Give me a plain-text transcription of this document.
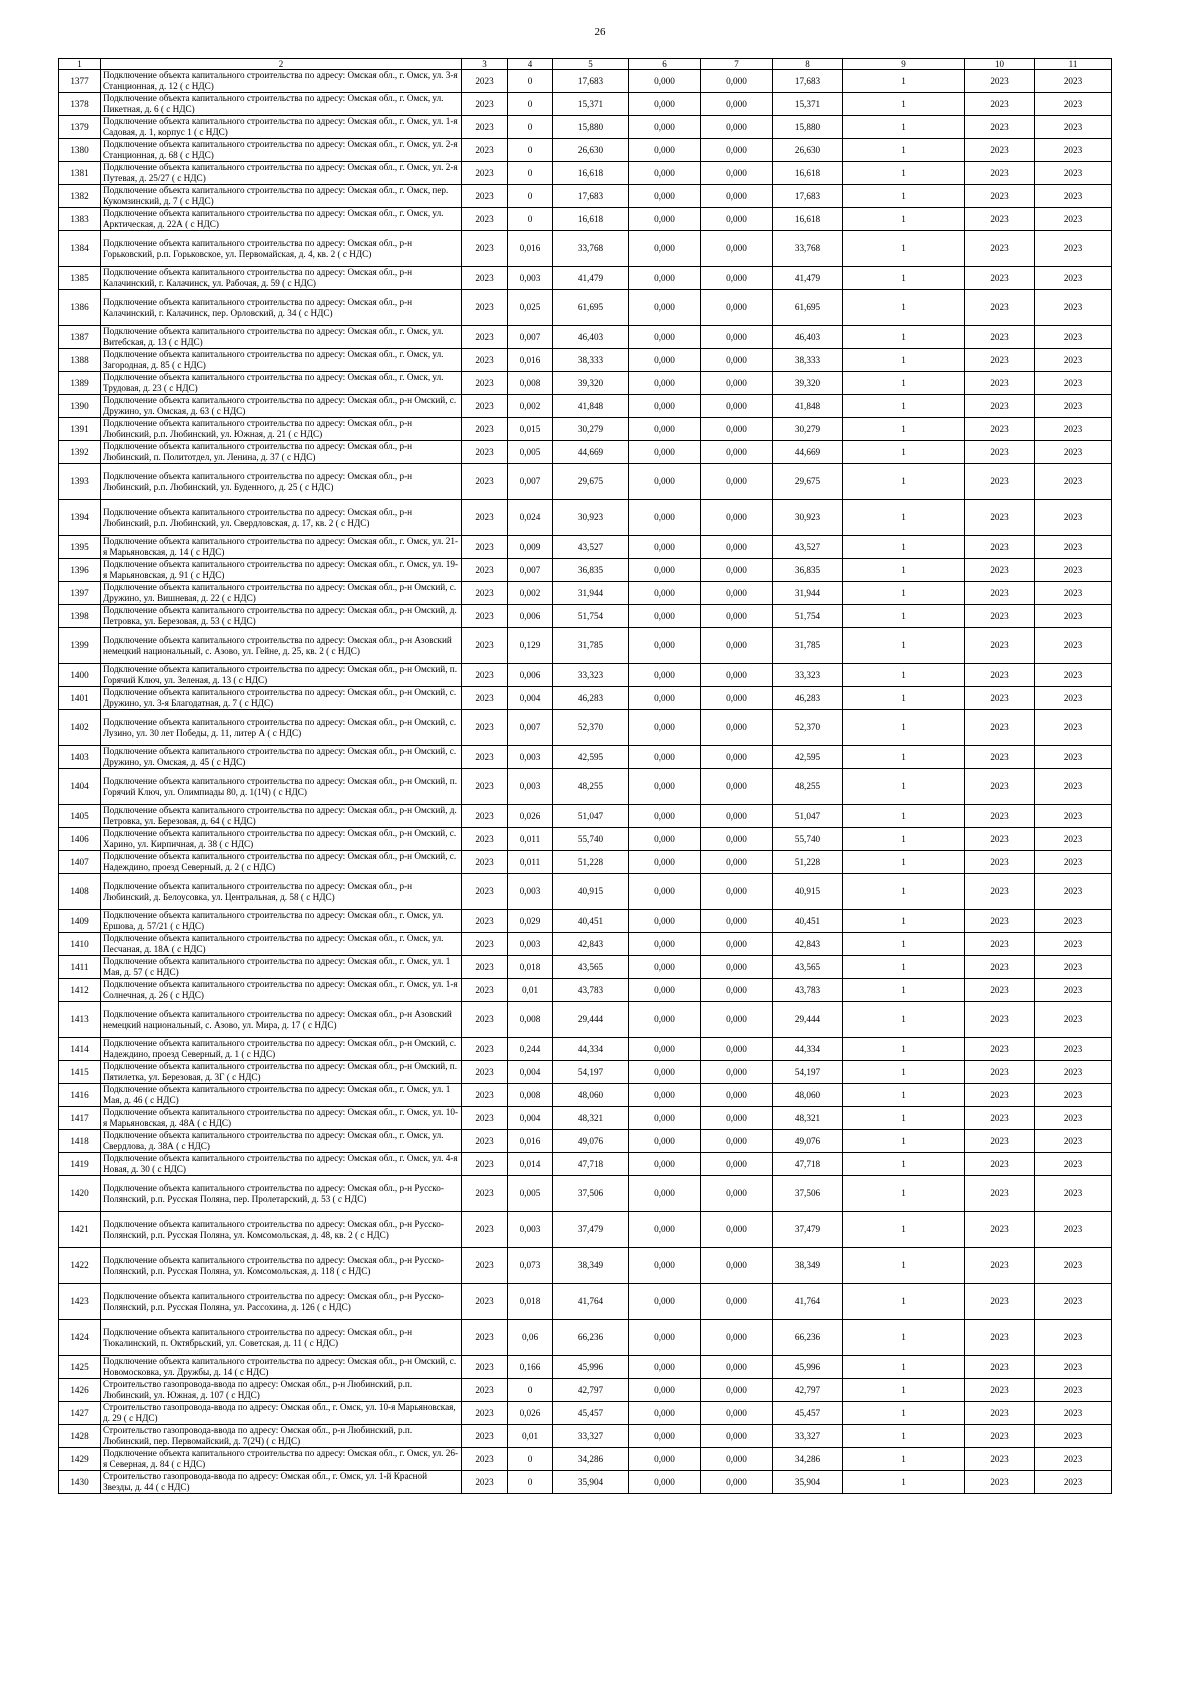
26
1	2	3	4	5	6	7	8	9	10	11
1377	Подключение объекта капитального строительства по адресу: Омская обл., г. Омск, ул. 3-я Станционная, д. 12 ( с НДС)	2023	0	17,683	0,000	0,000	17,683	1	2023	2023
1378	Подключение объекта капитального строительства по адресу: Омская обл., г. Омск, ул. Пикетная, д. 6 ( с НДС)	2023	0	15,371	0,000	0,000	15,371	1	2023	2023
1379	Подключение объекта капитального строительства по адресу: Омская обл., г. Омск, ул. 1-я Садовая, д. 1, корпус 1 ( с НДС)	2023	0	15,880	0,000	0,000	15,880	1	2023	2023
1380	Подключение объекта капитального строительства по адресу: Омская обл., г. Омск, ул. 2-я Станционная, д. 68 ( с НДС)	2023	0	26,630	0,000	0,000	26,630	1	2023	2023
1381	Подключение объекта капитального строительства по адресу: Омская обл., г. Омск, ул. 2-я Путевая, д. 25/27 ( с НДС)	2023	0	16,618	0,000	0,000	16,618	1	2023	2023
1382	Подключение объекта капитального строительства по адресу: Омская обл., г. Омск, пер. Кукомзинский, д. 7 ( с НДС)	2023	0	17,683	0,000	0,000	17,683	1	2023	2023
1383	Подключение объекта капитального строительства по адресу: Омская обл., г. Омск, ул. Арктическая, д. 22А ( с НДС)	2023	0	16,618	0,000	0,000	16,618	1	2023	2023
1384	Подключение объекта капитального строительства по адресу: Омская обл., р-н Горьковский, р.п. Горьковское, ул. Первомайская, д. 4, кв. 2 ( с НДС)	2023	0,016	33,768	0,000	0,000	33,768	1	2023	2023
1385	Подключение объекта капитального строительства по адресу: Омская обл., р-н Калачинский, г. Калачинск, ул. Рабочая, д. 59 ( с НДС)	2023	0,003	41,479	0,000	0,000	41,479	1	2023	2023
1386	Подключение объекта капитального строительства по адресу: Омская обл., р-н Калачинский, г. Калачинск, пер. Орловский, д. 34 ( с НДС)	2023	0,025	61,695	0,000	0,000	61,695	1	2023	2023
1387	Подключение объекта капитального строительства по адресу: Омская обл., г. Омск, ул. Витебская, д. 13 ( с НДС)	2023	0,007	46,403	0,000	0,000	46,403	1	2023	2023
1388	Подключение объекта капитального строительства по адресу: Омская обл., г. Омск, ул. Загородная, д. 85 ( с НДС)	2023	0,016	38,333	0,000	0,000	38,333	1	2023	2023
1389	Подключение объекта капитального строительства по адресу: Омская обл., г. Омск, ул. Трудовая, д. 23 ( с НДС)	2023	0,008	39,320	0,000	0,000	39,320	1	2023	2023
1390	Подключение объекта капитального строительства по адресу: Омская обл., р-н Омский, с. Дружино, ул. Омская, д. 63 ( с НДС)	2023	0,002	41,848	0,000	0,000	41,848	1	2023	2023
1391	Подключение объекта капитального строительства по адресу: Омская обл., р-н Любинский, р.п. Любинский, ул. Южная, д. 21 ( с НДС)	2023	0,015	30,279	0,000	0,000	30,279	1	2023	2023
1392	Подключение объекта капитального строительства по адресу: Омская обл., р-н Любинский, п. Политотдел, ул. Ленина, д. 37 ( с НДС)	2023	0,005	44,669	0,000	0,000	44,669	1	2023	2023
1393	Подключение объекта капитального строительства по адресу: Омская обл., р-н Любинский, р.п. Любинский, ул. Буденного, д. 25 ( с НДС)	2023	0,007	29,675	0,000	0,000	29,675	1	2023	2023
1394	Подключение объекта капитального строительства по адресу: Омская обл., р-н Любинский, р.п. Любинский, ул. Свердловская, д. 17, кв. 2 ( с НДС)	2023	0,024	30,923	0,000	0,000	30,923	1	2023	2023
1395	Подключение объекта капитального строительства по адресу: Омская обл., г. Омск, ул. 21-я Марьяновская, д. 14 ( с НДС)	2023	0,009	43,527	0,000	0,000	43,527	1	2023	2023
1396	Подключение объекта капитального строительства по адресу: Омская обл., г. Омск, ул. 19-я Марьяновская, д. 91 ( с НДС)	2023	0,007	36,835	0,000	0,000	36,835	1	2023	2023
1397	Подключение объекта капитального строительства по адресу: Омская обл., р-н Омский, с. Дружино, ул. Вишневая, д. 22 ( с НДС)	2023	0,002	31,944	0,000	0,000	31,944	1	2023	2023
1398	Подключение объекта капитального строительства по адресу: Омская обл., р-н Омский, д. Петровка, ул. Березовая, д. 53 ( с НДС)	2023	0,006	51,754	0,000	0,000	51,754	1	2023	2023
1399	Подключение объекта капитального строительства по адресу: Омская обл., р-н Азовский немецкий национальный, с. Азово, ул. Гейне, д. 25, кв. 2 ( с НДС)	2023	0,129	31,785	0,000	0,000	31,785	1	2023	2023
1400	Подключение объекта капитального строительства по адресу: Омская обл., р-н Омский, п. Горячий Ключ, ул. Зеленая, д. 13 ( с НДС)	2023	0,006	33,323	0,000	0,000	33,323	1	2023	2023
1401	Подключение объекта капитального строительства по адресу: Омская обл., р-н Омский, с. Дружино, ул. 3-я Благодатная, д. 7 ( с НДС)	2023	0,004	46,283	0,000	0,000	46,283	1	2023	2023
1402	Подключение объекта капитального строительства по адресу: Омская обл., р-н Омский, с. Лузино, ул. 30 лет Победы, д. 11, литер А ( с НДС)	2023	0,007	52,370	0,000	0,000	52,370	1	2023	2023
1403	Подключение объекта капитального строительства по адресу: Омская обл., р-н Омский, с. Дружино, ул. Омская, д. 45 ( с НДС)	2023	0,003	42,595	0,000	0,000	42,595	1	2023	2023
1404	Подключение объекта капитального строительства по адресу: Омская обл., р-н Омский, п. Горячий Ключ, ул. Олимпиады 80, д. 1(1Ч) ( с НДС)	2023	0,003	48,255	0,000	0,000	48,255	1	2023	2023
1405	Подключение объекта капитального строительства по адресу: Омская обл., р-н Омский, д. Петровка, ул. Березовая, д. 64 ( с НДС)	2023	0,026	51,047	0,000	0,000	51,047	1	2023	2023
1406	Подключение объекта капитального строительства по адресу: Омская обл., р-н Омский, с. Харино, ул. Кирпичная, д. 38 ( с НДС)	2023	0,011	55,740	0,000	0,000	55,740	1	2023	2023
1407	Подключение объекта капитального строительства по адресу: Омская обл., р-н Омский, с. Надеждино, проезд Северный, д. 2 ( с НДС)	2023	0,011	51,228	0,000	0,000	51,228	1	2023	2023
1408	Подключение объекта капитального строительства по адресу: Омская обл., р-н Любинский, д. Белоусовка, ул. Центральная, д. 58 ( с НДС)	2023	0,003	40,915	0,000	0,000	40,915	1	2023	2023
1409	Подключение объекта капитального строительства по адресу: Омская обл., г. Омск, ул. Ершова, д. 57/21 ( с НДС)	2023	0,029	40,451	0,000	0,000	40,451	1	2023	2023
1410	Подключение объекта капитального строительства по адресу: Омская обл., г. Омск, ул. Песчаная, д. 18А ( с НДС)	2023	0,003	42,843	0,000	0,000	42,843	1	2023	2023
1411	Подключение объекта капитального строительства по адресу: Омская обл., г. Омск, ул. 1 Мая, д. 57 ( с НДС)	2023	0,018	43,565	0,000	0,000	43,565	1	2023	2023
1412	Подключение объекта капитального строительства по адресу: Омская обл., г. Омск, ул. 1-я Солнечная, д. 26 ( с НДС)	2023	0,01	43,783	0,000	0,000	43,783	1	2023	2023
1413	Подключение объекта капитального строительства по адресу: Омская обл., р-н Азовский немецкий национальный, с. Азово, ул. Мира, д. 17 ( с НДС)	2023	0,008	29,444	0,000	0,000	29,444	1	2023	2023
1414	Подключение объекта капитального строительства по адресу: Омская обл., р-н Омский, с. Надеждино, проезд Северный, д. 1 ( с НДС)	2023	0,244	44,334	0,000	0,000	44,334	1	2023	2023
1415	Подключение объекта капитального строительства по адресу: Омская обл., р-н Омский, п. Пятилетка, ул. Березовая, д. 3Г ( с НДС)	2023	0,004	54,197	0,000	0,000	54,197	1	2023	2023
1416	Подключение объекта капитального строительства по адресу: Омская обл., г. Омск, ул. 1 Мая, д. 46 ( с НДС)	2023	0,008	48,060	0,000	0,000	48,060	1	2023	2023
1417	Подключение объекта капитального строительства по адресу: Омская обл., г. Омск, ул. 10-я Марьяновская, д. 48А ( с НДС)	2023	0,004	48,321	0,000	0,000	48,321	1	2023	2023
1418	Подключение объекта капитального строительства по адресу: Омская обл., г. Омск, ул. Свердлова, д. 38А ( с НДС)	2023	0,016	49,076	0,000	0,000	49,076	1	2023	2023
1419	Подключение объекта капитального строительства по адресу: Омская обл., г. Омск, ул. 4-я Новая, д. 30 ( с НДС)	2023	0,014	47,718	0,000	0,000	47,718	1	2023	2023
1420	Подключение объекта капитального строительства по адресу: Омская обл., р-н Русско-Полянский, р.п. Русская Поляна, пер. Пролетарский, д. 53 ( с НДС)	2023	0,005	37,506	0,000	0,000	37,506	1	2023	2023
1421	Подключение объекта капитального строительства по адресу: Омская обл., р-н Русско-Полянский, р.п. Русская Поляна, ул. Комсомольская, д. 48, кв. 2 ( с НДС)	2023	0,003	37,479	0,000	0,000	37,479	1	2023	2023
1422	Подключение объекта капитального строительства по адресу: Омская обл., р-н Русско-Полянский, р.п. Русская Поляна, ул. Комсомольская, д. 118 ( с НДС)	2023	0,073	38,349	0,000	0,000	38,349	1	2023	2023
1423	Подключение объекта капитального строительства по адресу: Омская обл., р-н Русско-Полянский, р.п. Русская Поляна, ул. Рассохина, д. 126 ( с НДС)	2023	0,018	41,764	0,000	0,000	41,764	1	2023	2023
1424	Подключение объекта капитального строительства по адресу: Омская обл., р-н Тюкалинский, п. Октябрьский, ул. Советская, д. 11 ( с НДС)	2023	0,06	66,236	0,000	0,000	66,236	1	2023	2023
1425	Подключение объекта капитального строительства по адресу: Омская обл., р-н Омский, с. Новомосковка, ул. Дружбы, д. 14 ( с НДС)	2023	0,166	45,996	0,000	0,000	45,996	1	2023	2023
1426	Строительство газопровода-ввода по адресу: Омская обл., р-н Любинский, р.п. Любинский, ул. Южная, д. 107 ( с НДС)	2023	0	42,797	0,000	0,000	42,797	1	2023	2023
1427	Строительство газопровода-ввода по адресу: Омская обл., г. Омск, ул. 10-я Марьяновская, д. 29 ( с НДС)	2023	0,026	45,457	0,000	0,000	45,457	1	2023	2023
1428	Строительство газопровода-ввода по адресу: Омская обл., р-н Любинский, р.п. Любинский, пер. Первомайский, д. 7(2Ч) ( с НДС)	2023	0,01	33,327	0,000	0,000	33,327	1	2023	2023
1429	Подключение объекта капитального строительства по адресу: Омская обл., г. Омск, ул. 26-я Северная, д. 84 ( с НДС)	2023	0	34,286	0,000	0,000	34,286	1	2023	2023
1430	Строительство газопровода-ввода по адресу: Омская обл., г. Омск, ул. 1-й Красной Звезды, д. 44 ( с НДС)	2023	0	35,904	0,000	0,000	35,904	1	2023	2023
